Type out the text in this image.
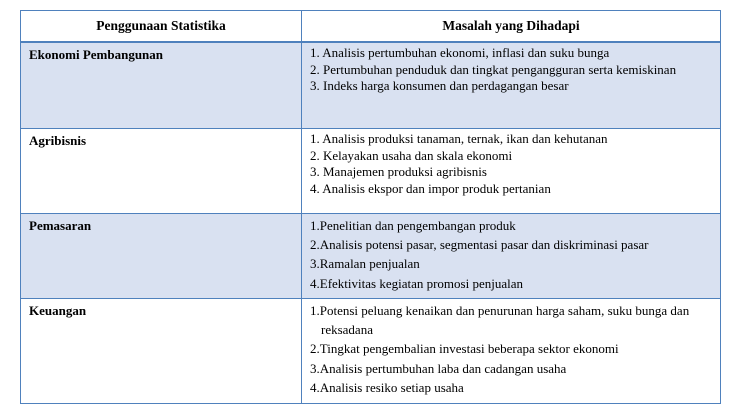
Penggunaan Statistika	Masalah yang Dihadapi
Ekonomi Pembangunan	1. Analisis pertumbuhan ekonomi, inflasi dan suku bunga
2. Pertumbuhan penduduk dan tingkat pengangguran serta kemiskinan
3. Indeks harga konsumen dan perdagangan besar

Agribisnis	1. Analisis produksi tanaman, ternak, ikan dan kehutanan
2. Kelayakan usaha dan skala ekonomi
3. Manajemen produksi agribisnis
4. Analisis ekspor dan impor produk pertanian

Pemasaran	1.Penelitian dan pengembangan produk
2.Analisis potensi pasar, segmentasi pasar dan diskriminasi pasar
3.Ramalan penjualan
4.Efektivitas kegiatan promosi penjualan

Keuangan	1.Potensi peluang kenaikan dan penurunan harga saham, suku bunga dan reksadana
2.Tingkat pengembalian investasi beberapa sektor ekonomi
3.Analisis pertumbuhan laba dan cadangan usaha
4.Analisis resiko setiap usaha
